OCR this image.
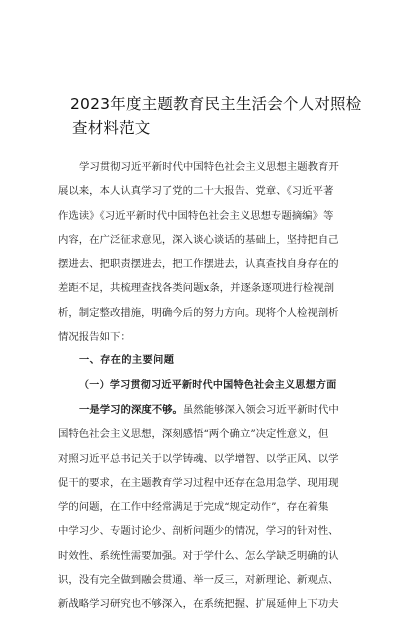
2023年度主题教育民主生活会个人对照检
查材料范文
学习贯彻习近平新时代中国特色社会主义思想主题教育开
展以来，本人认真学习了党的二十大报告、党章、《习近平著
作选读》《习近平新时代中国特色社会主义思想专题摘编》等
内容，在广泛征求意见，深入谈心谈话的基础上，坚持把自己
摆进去、把职责摆进去，把工作摆进去，认真查找自身存在的
差距不足，共梳理查找各类问题x条，并逐条逐项进行检视剖
析，制定整改措施，明确今后的努力方向。现将个人检视剖析
情况报告如下：
一、存在的主要问题
（一）学习贯彻习近平新时代中国特色社会主义思想方面
一是学习的深度不够。虽然能够深入领会习近平新时代中
国特色社会主义思想，深刻感悟“两个确立”决定性意义，但
对照习近平总书记关于以学铸魂、以学增智、以学正风、以学
促干的要求，在主题教育学习过程中还存在急用急学、现用现
学的问题，在工作中经常满足于完成“规定动作”，存在着集
中学习少、专题讨论少、剖析问题少的情况，学习的针对性、
时效性、系统性需要加强。对于学什么、怎么学缺乏明确的认
识，没有完全做到融会贯通、举一反三，对新理论、新观点、
新战略学习研究也不够深入，在系统把握、扩展延伸上下功夫
